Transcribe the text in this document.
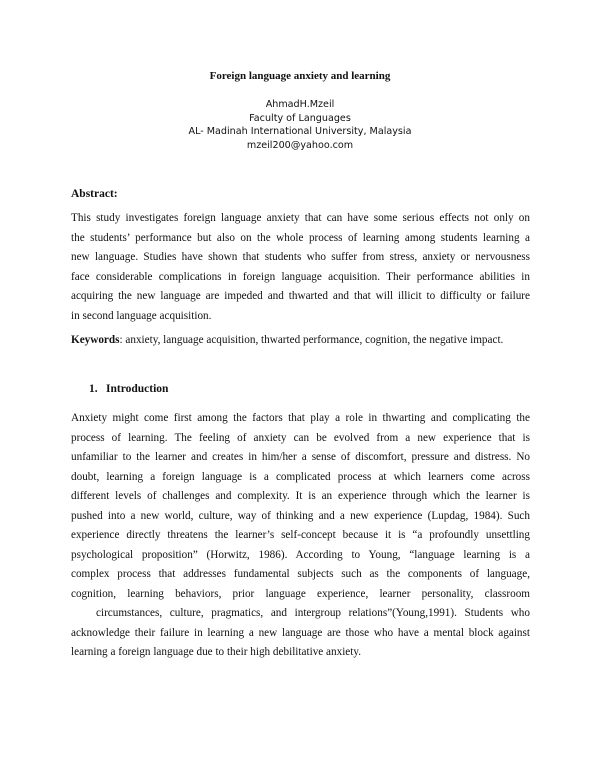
Foreign language anxiety and learning
AhmadH.Mzeil
Faculty of Languages
AL- Madinah International University, Malaysia
mzeil200@yahoo.com
Abstract:
This study investigates foreign language anxiety that can have some serious effects not only on
the students’ performance but also on the whole process of learning among students learning a
new language. Studies have shown that students who suffer from stress, anxiety or nervousness
face considerable complications in foreign language acquisition. Their performance abilities in
acquiring the new language are impeded and thwarted and that will illicit to difficulty or failure
in second language acquisition.
Keywords: anxiety, language acquisition, thwarted performance, cognition, the negative impact.
1. Introduction
Anxiety might come first among the factors that play a role in thwarting and complicating the
process of learning. The feeling of anxiety can be evolved from a new experience that is
unfamiliar to the learner and creates in him/her a sense of discomfort, pressure and distress. No
doubt, learning a foreign language is a complicated process at which learners come across
different levels of challenges and complexity. It is an experience through which the learner is
pushed into a new world, culture, way of thinking and a new experience (Lupdag, 1984). Such
experience directly threatens the learner’s self-concept because it is “a profoundly unsettling
psychological proposition” (Horwitz, 1986). According to Young, “language learning is a
complex process that addresses fundamental subjects such as the components of language,
cognition, learning behaviors, prior language experience, learner personality, classroom
circumstances, culture, pragmatics, and intergroup relations”(Young,1991). Students who
acknowledge their failure in learning a new language are those who have a mental block against
learning a foreign language due to their high debilitative anxiety.
